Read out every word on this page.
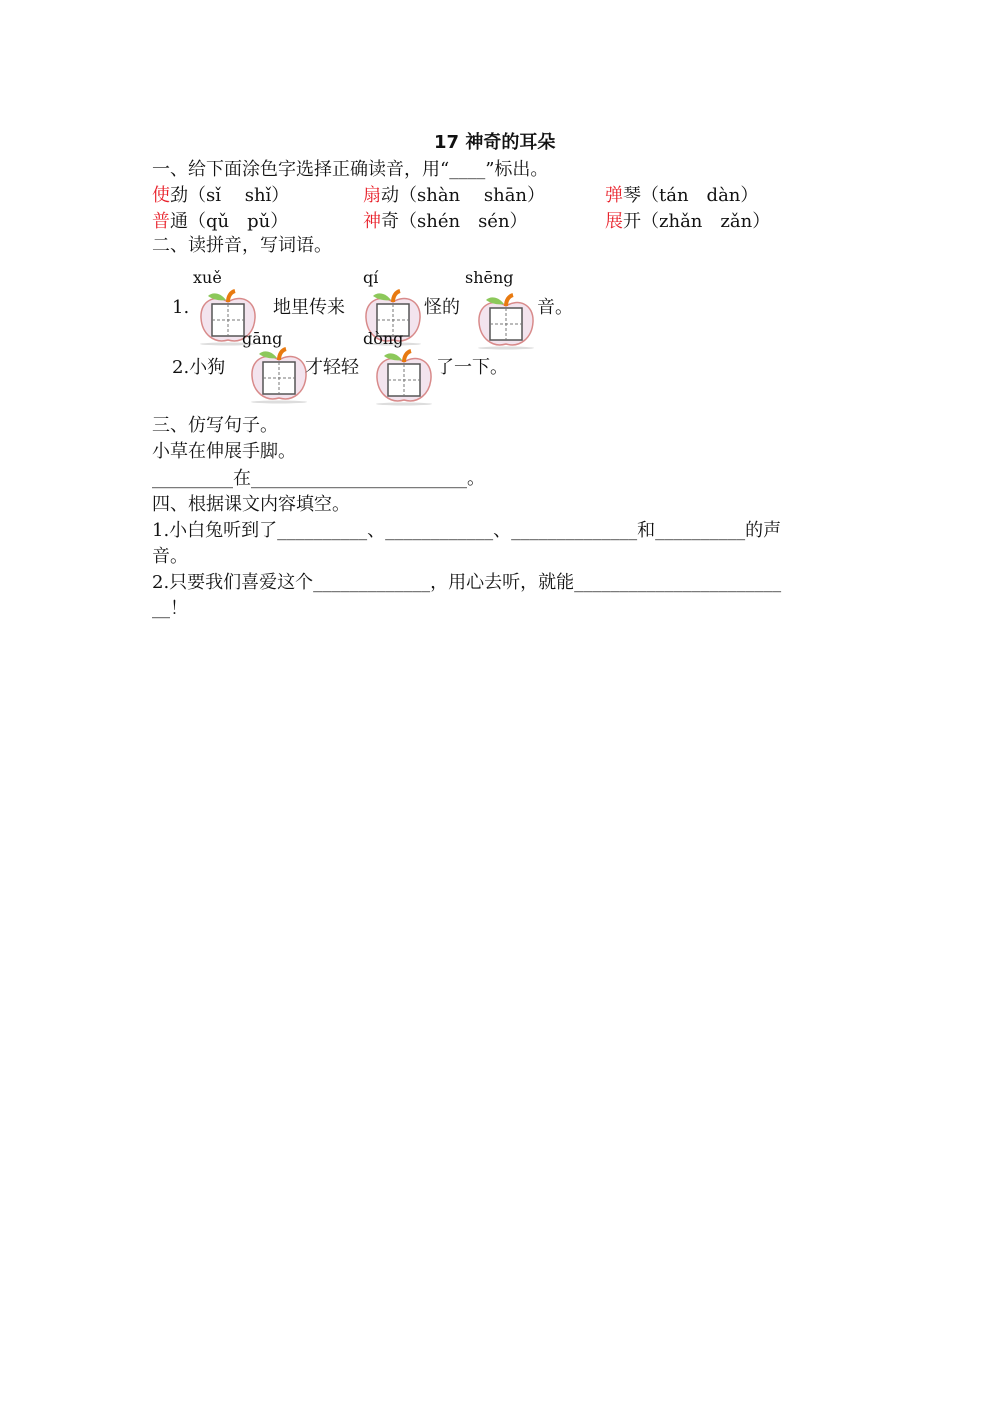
17 神奇的耳朵
一、给下面涂色字选择正确读音，用“____”标出。
使劲（sǐ　 shǐ）	扇动（shàn　 shān）	弹琴（tán　dàn）
普通（qǔ　pǔ）	神奇（shén　sén）	展开（zhǎn　zǎn）
二、读拼音，写词语。
xuě	qí	shēng
1.	地里传来	怪的	音。
gāng	dòng
2.小狗	才轻轻	了一下。
三、仿写句子。
小草在伸展手脚。
_________在________________________。
四、根据课文内容填空。
1.小白兔听到了__________、____________、______________和__________的声
音。
2.只要我们喜爱这个_____________，用心去听，就能_______________________
__！
